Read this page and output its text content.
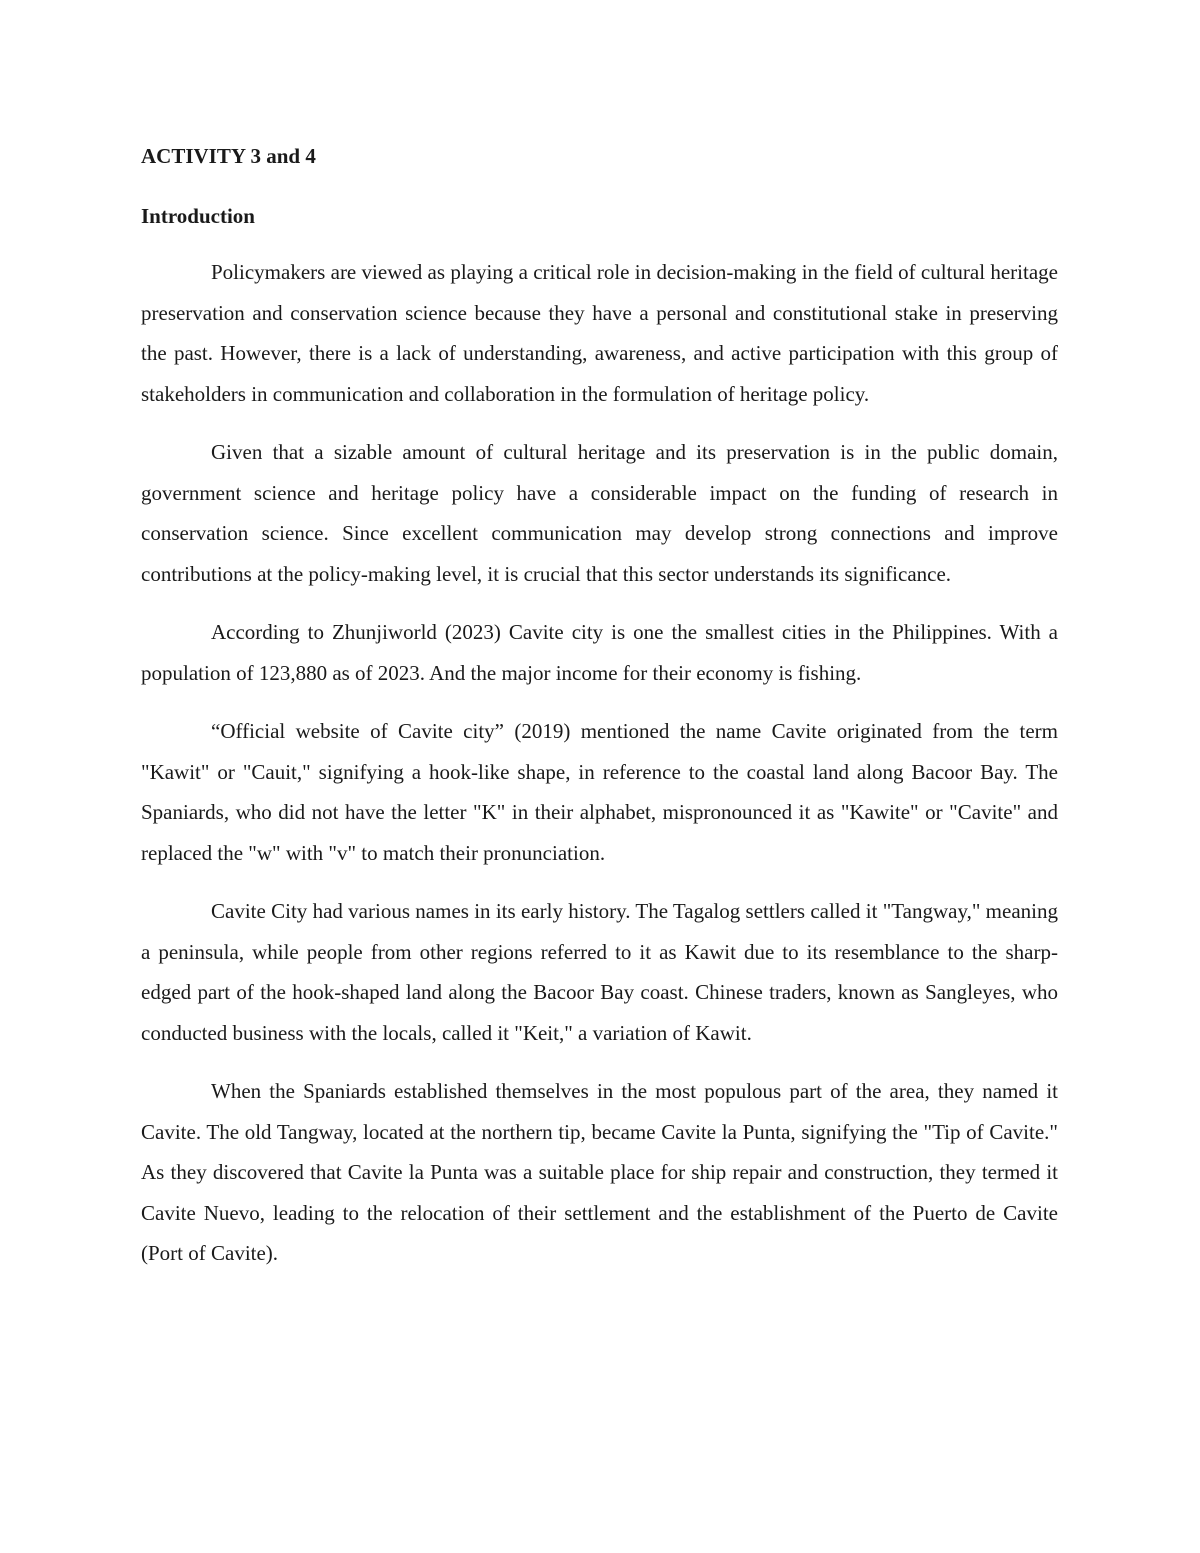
ACTIVITY 3 and 4
Introduction

Policymakers are viewed as playing a critical role in decision-making in the field of cultural heritage preservation and conservation science because they have a personal and constitutional stake in preserving the past. However, there is a lack of understanding, awareness, and active participation with this group of stakeholders in communication and collaboration in the formulation of heritage policy.

Given that a sizable amount of cultural heritage and its preservation is in the public domain, government science and heritage policy have a considerable impact on the funding of research in conservation science. Since excellent communication may develop strong connections and improve contributions at the policy-making level, it is crucial that this sector understands its significance.

According to Zhunjiworld (2023) Cavite city is one the smallest cities in the Philippines. With a population of 123,880 as of 2023. And the major income for their economy is fishing.

“Official website of Cavite city” (2019) mentioned the name Cavite originated from the term "Kawit" or "Cauit," signifying a hook-like shape, in reference to the coastal land along Bacoor Bay. The Spaniards, who did not have the letter "K" in their alphabet, mispronounced it as "Kawite" or "Cavite" and replaced the "w" with "v" to match their pronunciation.

Cavite City had various names in its early history. The Tagalog settlers called it "Tangway," meaning a peninsula, while people from other regions referred to it as Kawit due to its resemblance to the sharp-edged part of the hook-shaped land along the Bacoor Bay coast. Chinese traders, known as Sangleyes, who conducted business with the locals, called it "Keit," a variation of Kawit.

When the Spaniards established themselves in the most populous part of the area, they named it Cavite. The old Tangway, located at the northern tip, became Cavite la Punta, signifying the "Tip of Cavite." As they discovered that Cavite la Punta was a suitable place for ship repair and construction, they termed it Cavite Nuevo, leading to the relocation of their settlement and the establishment of the Puerto de Cavite (Port of Cavite).
